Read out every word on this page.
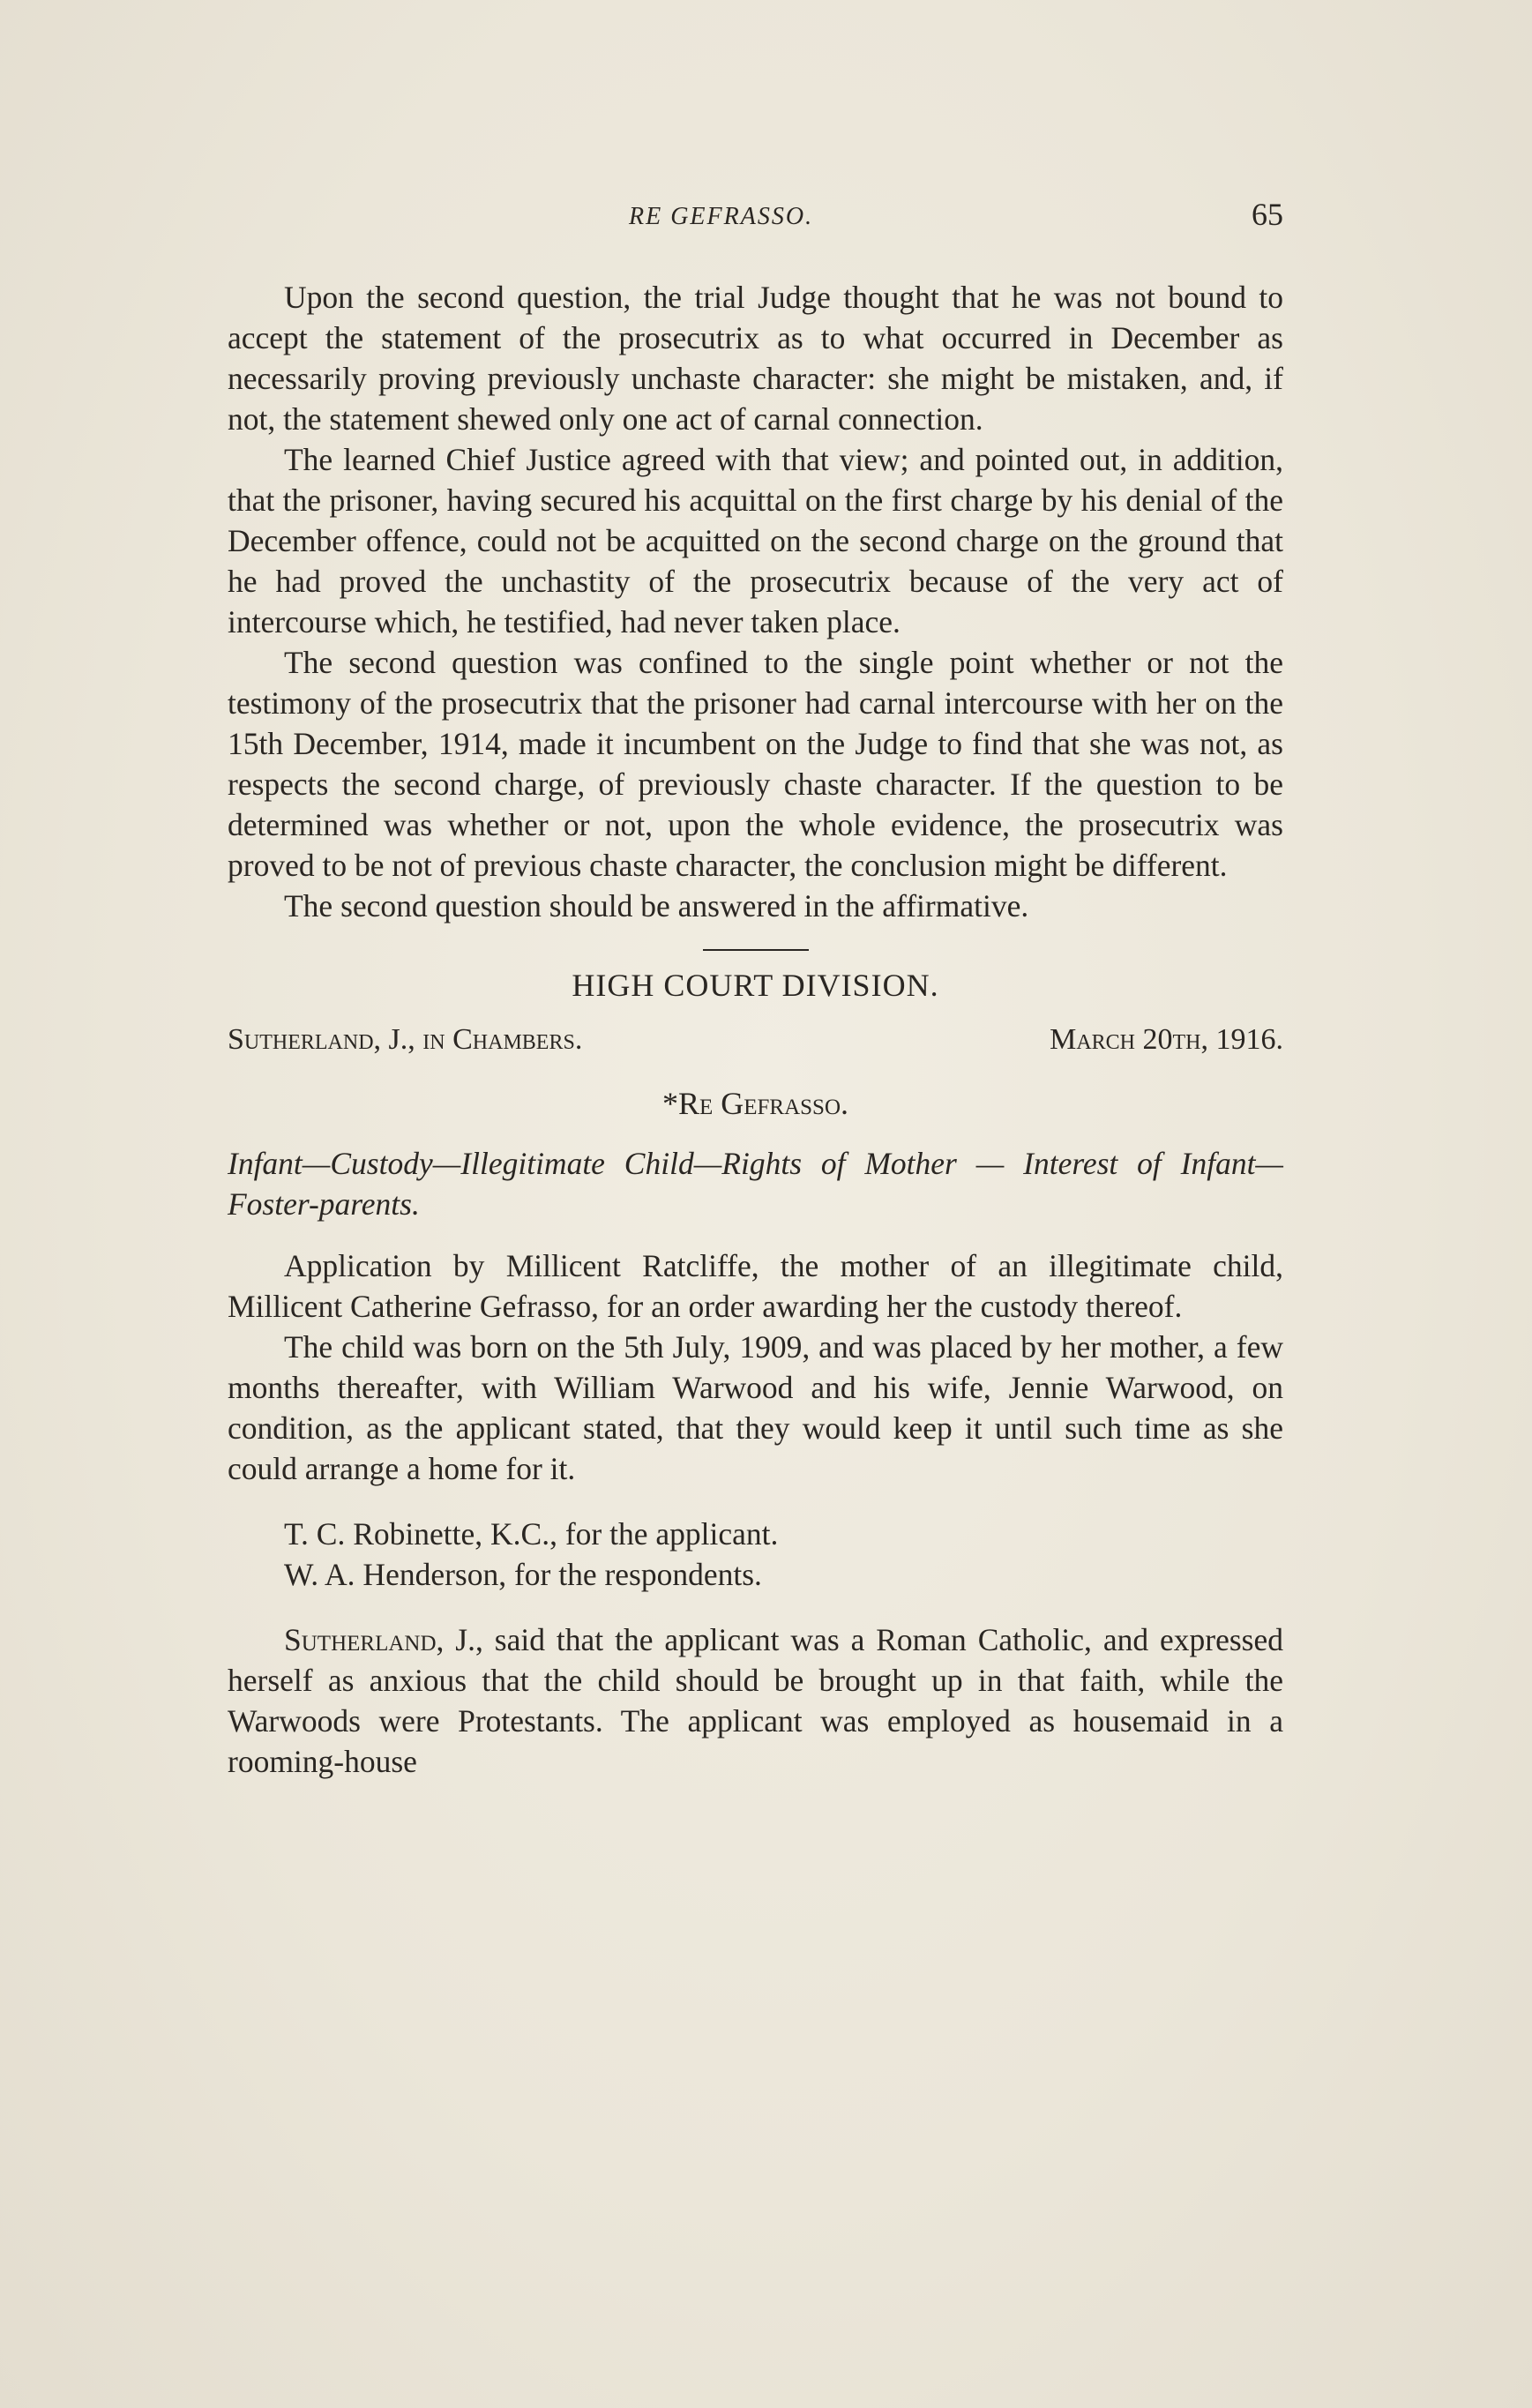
RE GEFRASSO.	65

Upon the second question, the trial Judge thought that he was not bound to accept the statement of the prosecutrix as to what occurred in December as necessarily proving previously unchaste character: she might be mistaken, and, if not, the statement shewed only one act of carnal connection.

The learned Chief Justice agreed with that view; and pointed out, in addition, that the prisoner, having secured his acquittal on the first charge by his denial of the December offence, could not be acquitted on the second charge on the ground that he had proved the unchastity of the prosecutrix because of the very act of intercourse which, he testified, had never taken place.

The second question was confined to the single point whether or not the testimony of the prosecutrix that the prisoner had carnal intercourse with her on the 15th December, 1914, made it incumbent on the Judge to find that she was not, as respects the second charge, of previously chaste character. If the question to be determined was whether or not, upon the whole evidence, the prosecutrix was proved to be not of previous chaste character, the conclusion might be different.

The second question should be answered in the affirmative.

HIGH COURT DIVISION.
Sutherland, J., in Chambers.	March 20th, 1916.
*Re Gefrasso.

Infant—Custody—Illegitimate Child—Rights of Mother — Interest of Infant—Foster-parents.

Application by Millicent Ratcliffe, the mother of an illegitimate child, Millicent Catherine Gefrasso, for an order awarding her the custody thereof.

The child was born on the 5th July, 1909, and was placed by her mother, a few months thereafter, with William Warwood and his wife, Jennie Warwood, on condition, as the applicant stated, that they would keep it until such time as she could arrange a home for it.

T. C. Robinette, K.C., for the applicant.

W. A. Henderson, for the respondents.

Sutherland, J., said that the applicant was a Roman Catholic, and expressed herself as anxious that the child should be brought up in that faith, while the Warwoods were Protestants. The applicant was employed as housemaid in a rooming-house
